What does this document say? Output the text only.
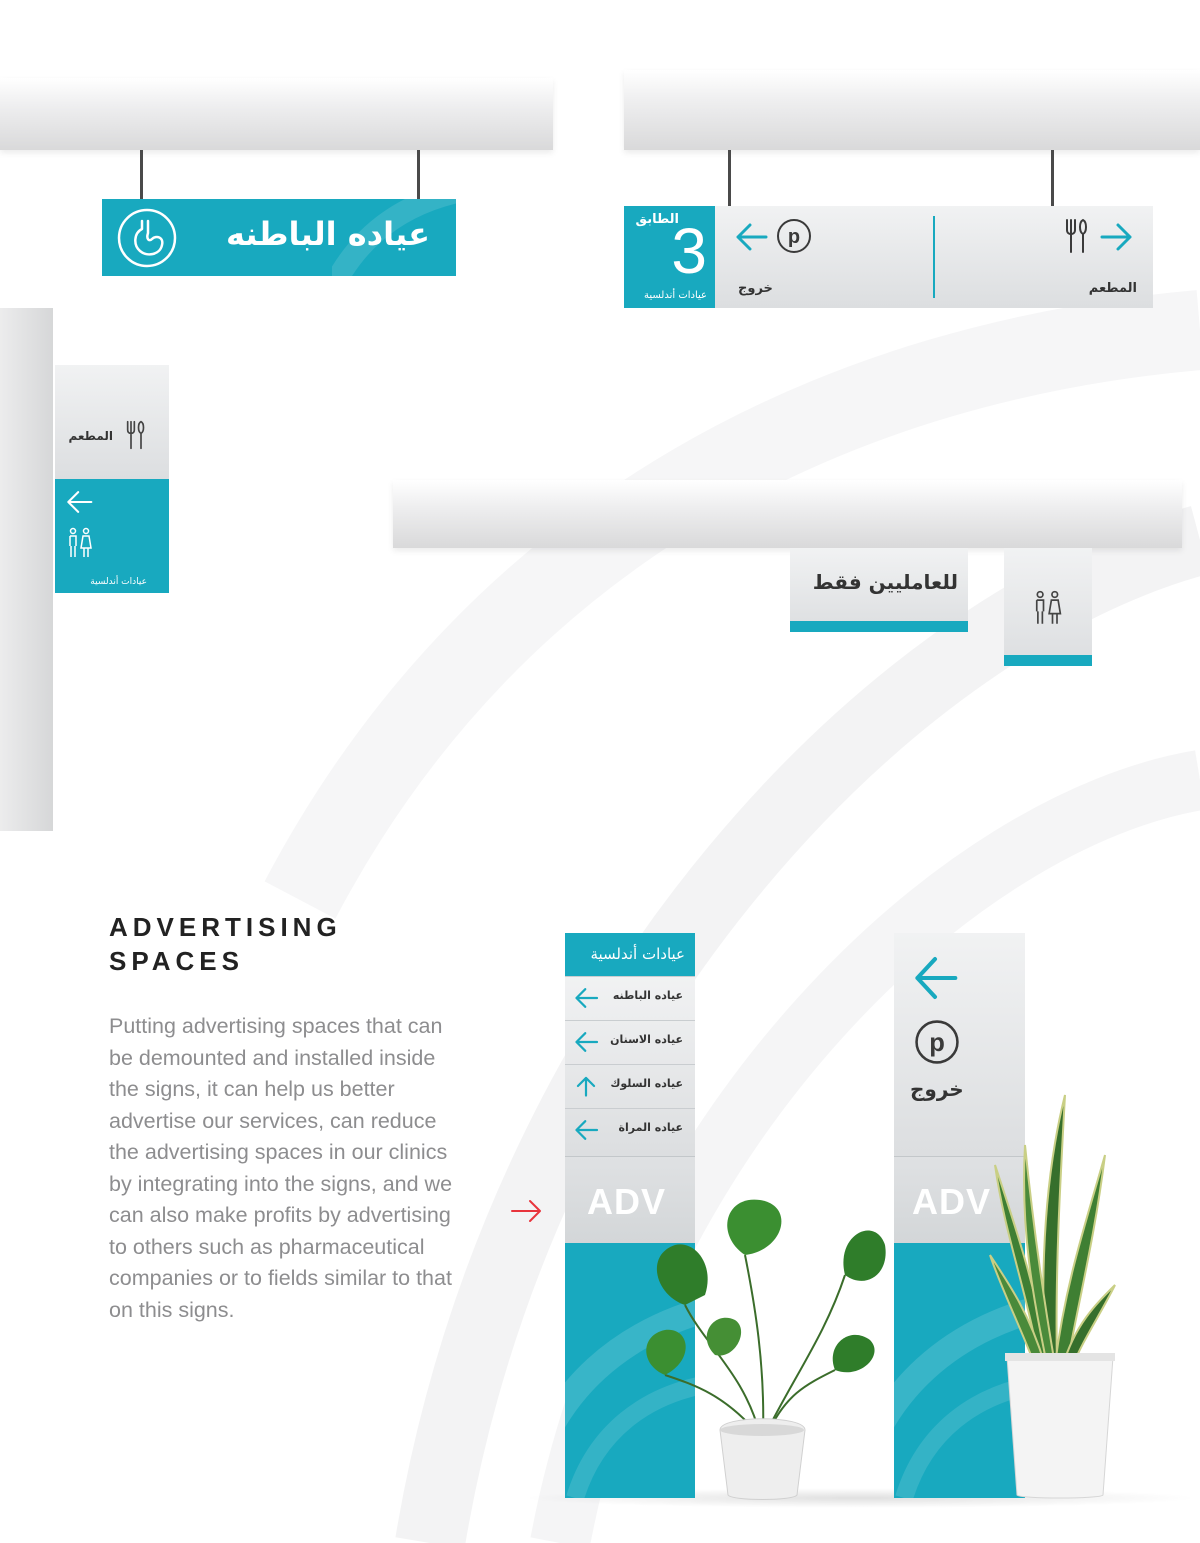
عياده الباطنه	الطابق
3
عيادات أندلسية
p
خروج	المطعم
المطعم
عيادات أندلسية	للعامليين فقط
ADVERTISING
SPACES

Putting advertising spaces that can be demounted and installed inside the signs, it can help us better advertise our services, can reduce the advertising spaces in our clinics by integrating into the signs, and we can also make profits by advertising to others such as pharmaceutical companies or to fields similar to that on this signs.

عيادات أندلسية
عياده الباطنه
عياده الاسنان
عياده السلوك
عياده المراة
ADV
p
خروج
ADV
